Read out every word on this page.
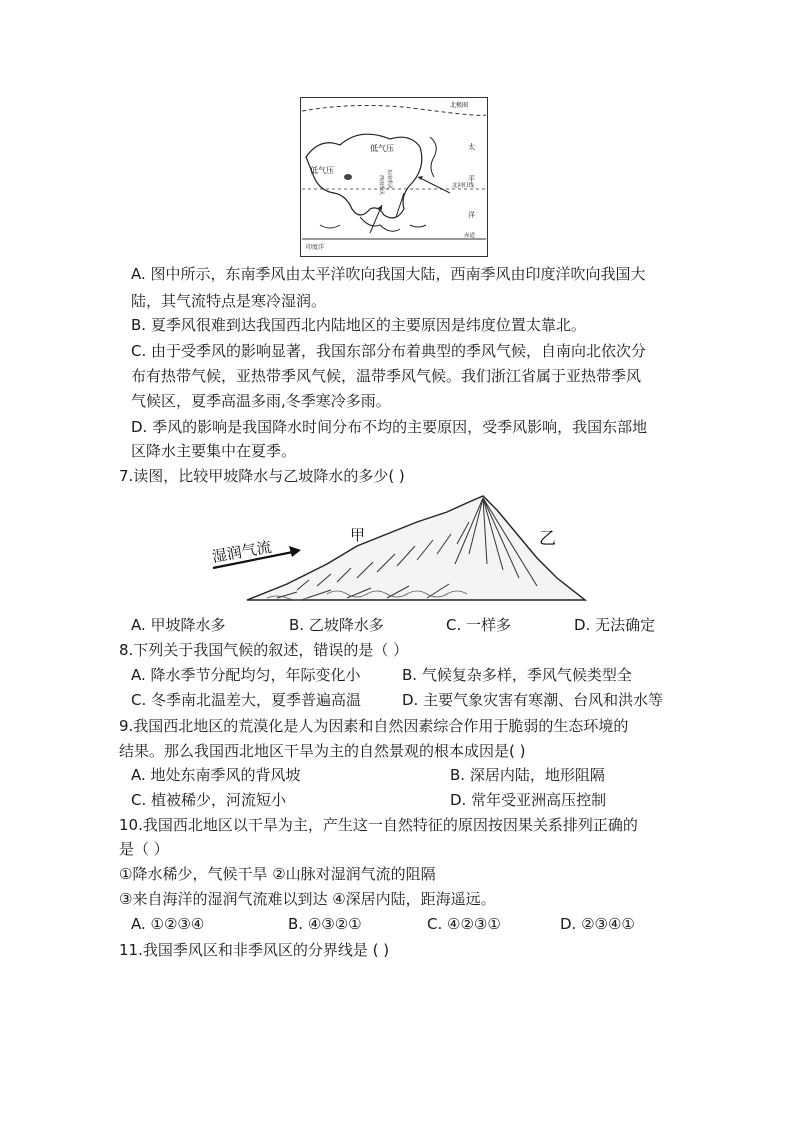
北极圈
低气压
低气压	东南季风
西南季风
太
平
北回归线
洋
印度洋
赤道
A. 图中所示，东南季风由太平洋吹向我国大陆，西南季风由印度洋吹向我国大
陆，其气流特点是寒冷湿润。
B. 夏季风很难到达我国西北内陆地区的主要原因是纬度位置太靠北。
C. 由于受季风的影响显著，我国东部分布着典型的季风气候，自南向北依次分
布有热带气候，亚热带季风气候，温带季风气候。我们浙江省属于亚热带季风
气候区，夏季高温多雨,冬季寒冷多雨。
D. 季风的影响是我国降水时间分布不均的主要原因，受季风影响，我国东部地
区降水主要集中在夏季。
7.读图，比较甲坡降水与乙坡降水的多少( )
湿润气流
甲	乙
A. 甲坡降水多	B. 乙坡降水多	C. 一样多	D. 无法确定
8.下列关于我国气候的叙述，错误的是（ ）
A. 降水季节分配均匀，年际变化小	B. 气候复杂多样，季风气候类型全
C. 冬季南北温差大，夏季普遍高温	D. 主要气象灾害有寒潮、台风和洪水等
9.我国西北地区的荒漠化是人为因素和自然因素综合作用于脆弱的生态环境的
结果。那么我国西北地区干旱为主的自然景观的根本成因是( )
A. 地处东南季风的背风坡	B. 深居内陆，地形阻隔
C. 植被稀少，河流短小	D. 常年受亚洲高压控制
10.我国西北地区以干旱为主，产生这一自然特征的原因按因果关系排列正确的
是（ ）
①降水稀少，气候干旱 ②山脉对湿润气流的阻隔
③来自海洋的湿润气流难以到达 ④深居内陆，距海遥远。
A. ①②③④	B. ④③②①	C. ④②③①	D. ②③④①
11.我国季风区和非季风区的分界线是 ( )
